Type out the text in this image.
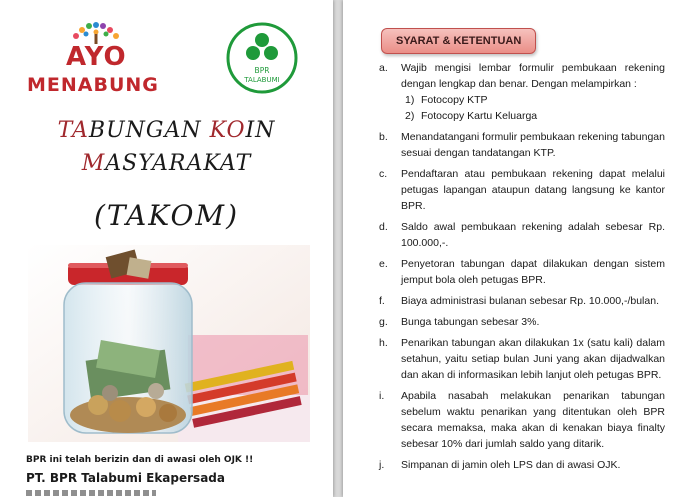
AYO
MENABUNG
BPR
TALABUMI
TABUNGAN KOIN
MASYARAKAT
(TAKOM)
BPR ini telah berizin dan di awasi oleh OJK !!
PT. BPR Talabumi Ekapersada
SYARAT & KETENTUAN
a. Wajib mengisi lembar formulir pembukaan rekening dengan lengkap dan benar. Dengan melampirkan :
1) Fotocopy KTP
2) Fotocopy Kartu Keluarga
b. Menandatangani formulir pembukaan rekening tabungan sesuai dengan tandatangan KTP.
c. Pendaftaran atau pembukaan rekening dapat melalui petugas lapangan ataupun datang langsung ke kantor BPR.
d. Saldo awal pembukaan rekening adalah sebesar Rp. 100.000,-.
e. Penyetoran tabungan dapat dilakukan dengan sistem jemput bola oleh petugas BPR.
f. Biaya administrasi bulanan sebesar Rp. 10.000,-/bulan.
g. Bunga tabungan sebesar 3%.
h. Penarikan tabungan akan dilakukan 1x (satu kali) dalam setahun, yaitu setiap bulan Juni yang akan dijadwalkan dan akan di informasikan lebih lanjut oleh petugas BPR.
i. Apabila nasabah melakukan penarikan tabungan sebelum waktu penarikan yang ditentukan oleh BPR secara memaksa, maka akan di kenakan biaya finalty sebesar 10% dari jumlah saldo yang ditarik.
j. Simpanan di jamin oleh LPS dan di awasi OJK.
